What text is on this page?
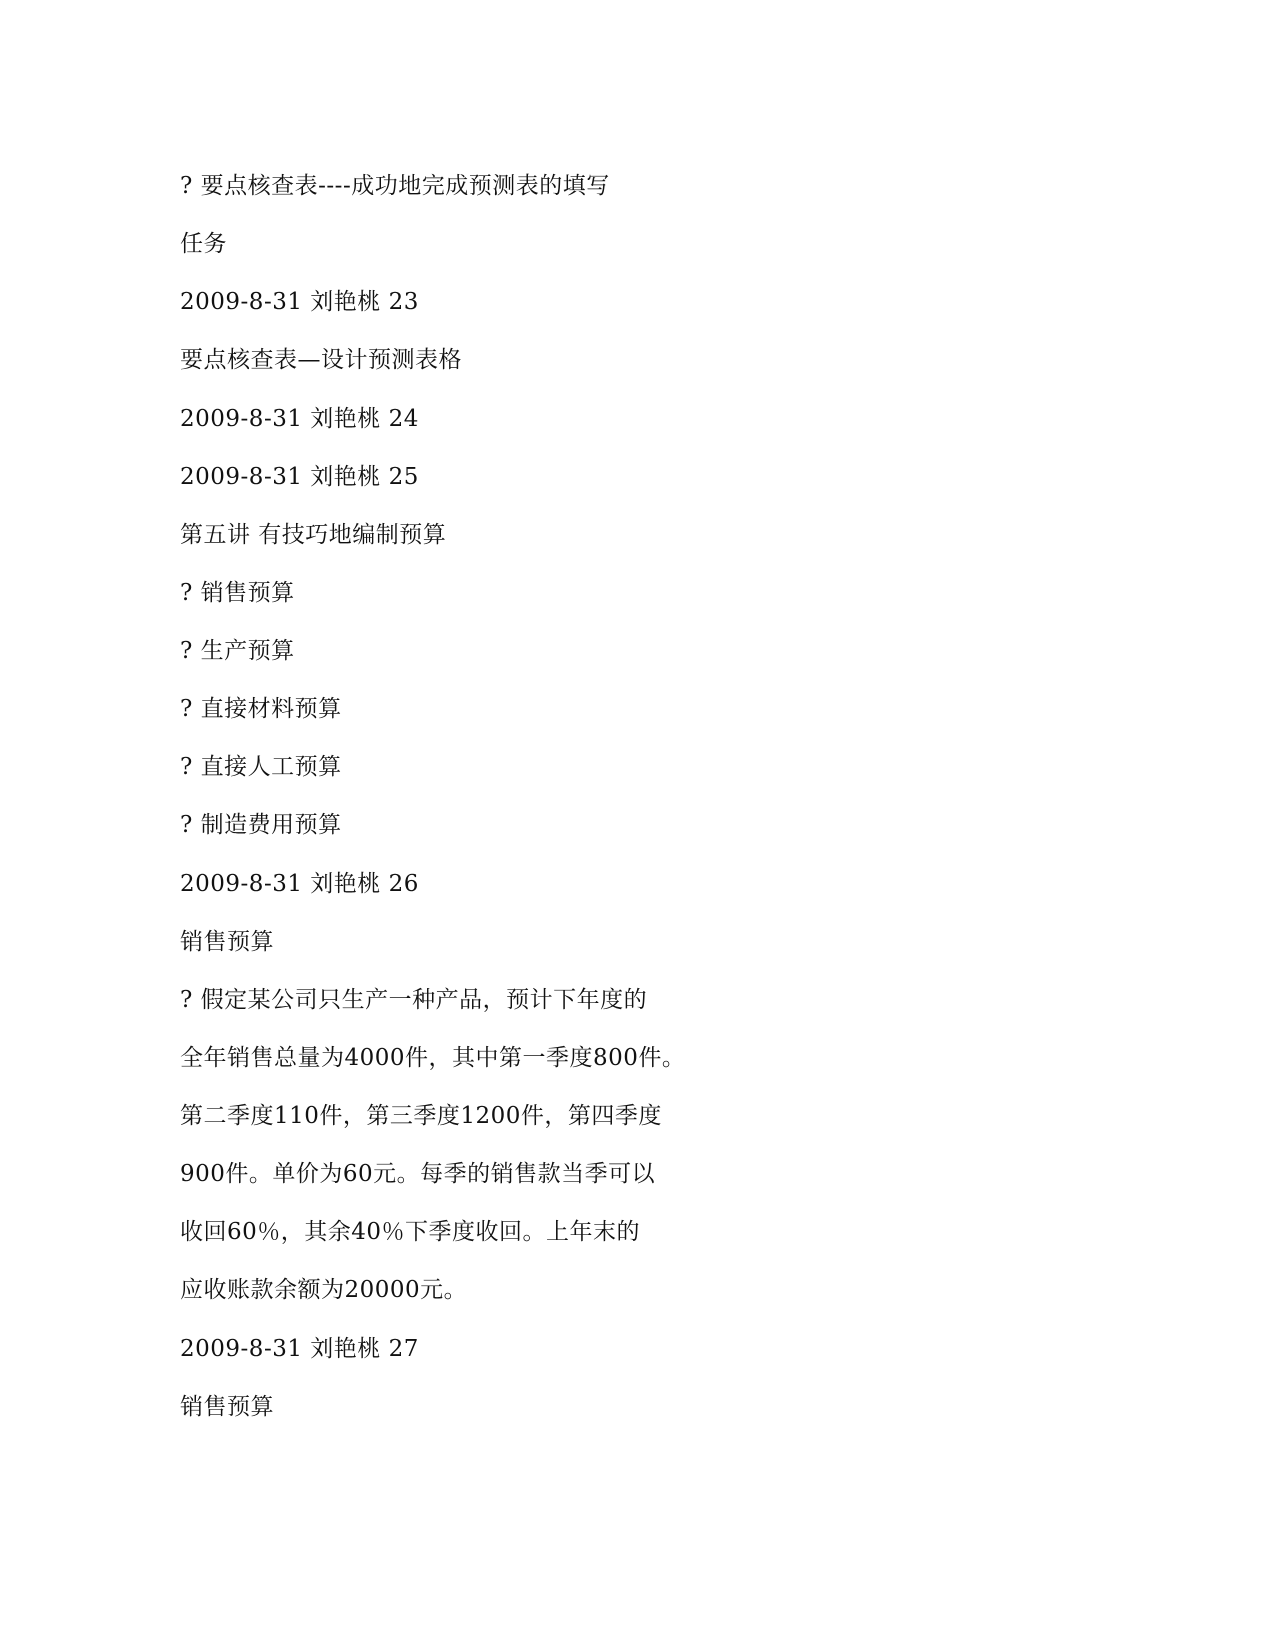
? 要点核查表----成功地完成预测表的填写
任务
2009-8-31 刘艳桃 23
要点核查表—设计预测表格
2009-8-31 刘艳桃 24
2009-8-31 刘艳桃 25
第五讲 有技巧地编制预算
? 销售预算
? 生产预算
? 直接材料预算
? 直接人工预算
? 制造费用预算
2009-8-31 刘艳桃 26
销售预算
? 假定某公司只生产一种产品，预计下年度的
全年销售总量为4000件，其中第一季度800件。
第二季度110件，第三季度1200件，第四季度
900件。单价为60元。每季的销售款当季可以
收回60％，其余40％下季度收回。上年末的
应收账款余额为20000元。
2009-8-31 刘艳桃 27
销售预算
